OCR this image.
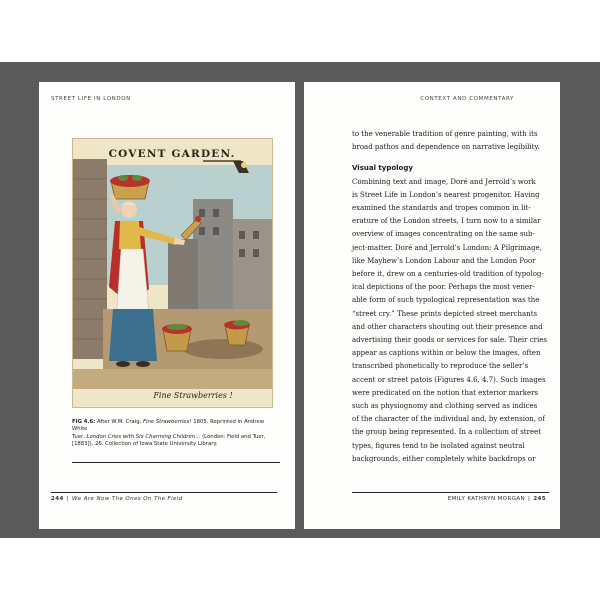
STREET LIFE IN LONDON
COVENT GARDEN.
Fine Strawberries !
FIG 4.6: After W.M. Craig, Fine Strawberries! 1805. Reprinted in Andrew White
Tuer, London Cries with Six Charming Children… (London: Field and Tuer,
[1883]), 26. Collection of Iowa State University Library.
244 | We Are Now The Ones On The Field
CONTEXT AND COMMENTARY
to the venerable tradition of genre painting, with its
broad pathos and dependence on narrative legibility.
Visual typology
Combining text and image, Doré and Jerrold’s work
is Street Life in London’s nearest progenitor. Having
examined the standards and tropes common in lit-
erature of the London streets, I turn now to a similar
overview of images concentrating on the same sub-
ject-matter. Doré and Jerrold’s London: A Pilgrimage,
like Mayhew’s London Labour and the London Poor
before it, drew on a centuries-old tradition of typolog-
ical depictions of the poor. Perhaps the most vener-
able form of such typological representation was the
“street cry.” These prints depicted street merchants
and other characters shouting out their presence and
advertising their goods or services for sale. Their cries
appear as captions within or below the images, often
transcribed phonetically to reproduce the seller’s
accent or street patois (Figures 4.6, 4.7). Such images
were predicated on the notion that exterior markers
such as physiognomy and clothing served as indices
of the character of the individual and, by extension, of
the group being represented. In a collection of street
types, figures tend to be isolated against neutral
backgrounds, either completely white backdrops or
EMILY KATHRYN MORGAN | 245
